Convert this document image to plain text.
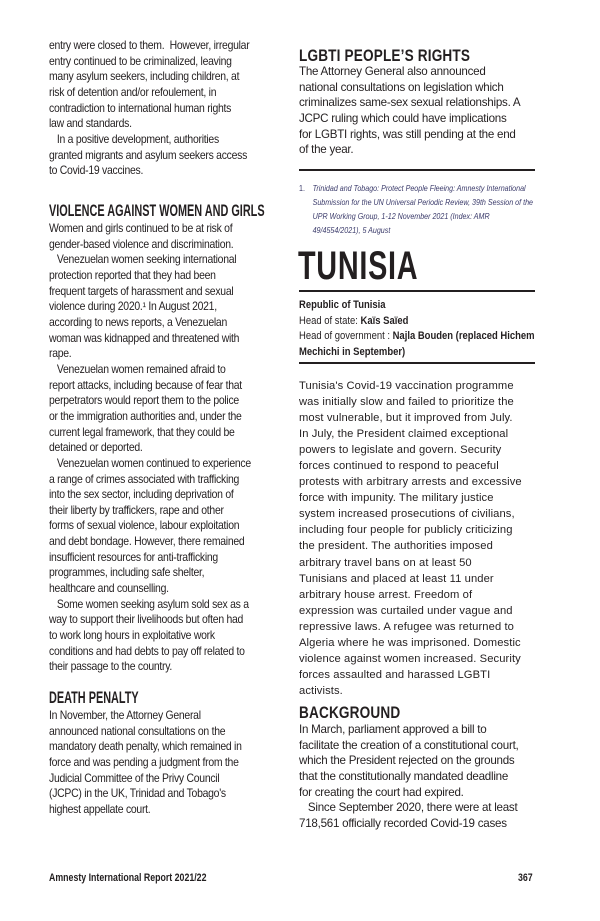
entry were closed to them.  However, irregular
entry continued to be criminalized, leaving
many asylum seekers, including children, at
risk of detention and/or refoulement, in
contradiction to international human rights
law and standards.
In a positive development, authorities
granted migrants and asylum seekers access
to Covid-19 vaccines.
VIOLENCE AGAINST WOMEN AND GIRLS
Women and girls continued to be at risk of
gender-based violence and discrimination.
Venezuelan women seeking international
protection reported that they had been
frequent targets of harassment and sexual
violence during 2020.¹ In August 2021,
according to news reports, a Venezuelan
woman was kidnapped and threatened with
rape.
Venezuelan women remained afraid to
report attacks, including because of fear that
perpetrators would report them to the police
or the immigration authorities and, under the
current legal framework, that they could be
detained or deported.
Venezuelan women continued to experience
a range of crimes associated with trafficking
into the sex sector, including deprivation of
their liberty by traffickers, rape and other
forms of sexual violence, labour exploitation
and debt bondage. However, there remained
insufficient resources for anti-trafficking
programmes, including safe shelter,
healthcare and counselling.
Some women seeking asylum sold sex as a
way to support their livelihoods but often had
to work long hours in exploitative work
conditions and had debts to pay off related to
their passage to the country.
DEATH PENALTY
In November, the Attorney General
announced national consultations on the
mandatory death penalty, which remained in
force and was pending a judgment from the
Judicial Committee of the Privy Council
(JCPC) in the UK, Trinidad and Tobago's
highest appellate court.
LGBTI PEOPLE’S RIGHTS
The Attorney General also announced
national consultations on legislation which
criminalizes same-sex sexual relationships. A
JCPC ruling which could have implications
for LGBTI rights, was still pending at the end
of the year.
1. Trinidad and Tobago: Protect People Fleeing: Amnesty International
Submission for the UN Universal Periodic Review, 39th Session of the
UPR Working Group, 1-12 November 2021 (Index: AMR
49/4554/2021), 5 August
TUNISIA
Republic of Tunisia
Head of state: Kaïs Saïed
Head of government : Najla Bouden (replaced Hichem
Mechichi in September)
Tunisia's Covid-19 vaccination programme
was initially slow and failed to prioritize the
most vulnerable, but it improved from July.
In July, the President claimed exceptional
powers to legislate and govern. Security
forces continued to respond to peaceful
protests with arbitrary arrests and excessive
force with impunity. The military justice
system increased prosecutions of civilians,
including four people for publicly criticizing
the president. The authorities imposed
arbitrary travel bans on at least 50
Tunisians and placed at least 11 under
arbitrary house arrest. Freedom of
expression was curtailed under vague and
repressive laws. A refugee was returned to
Algeria where he was imprisoned. Domestic
violence against women increased. Security
forces assaulted and harassed LGBTI
activists.
BACKGROUND
In March, parliament approved a bill to
facilitate the creation of a constitutional court,
which the President rejected on the grounds
that the constitutionally mandated deadline
for creating the court had expired.
Since September 2020, there were at least
718,561 officially recorded Covid-19 cases
Amnesty International Report 2021/22	367
